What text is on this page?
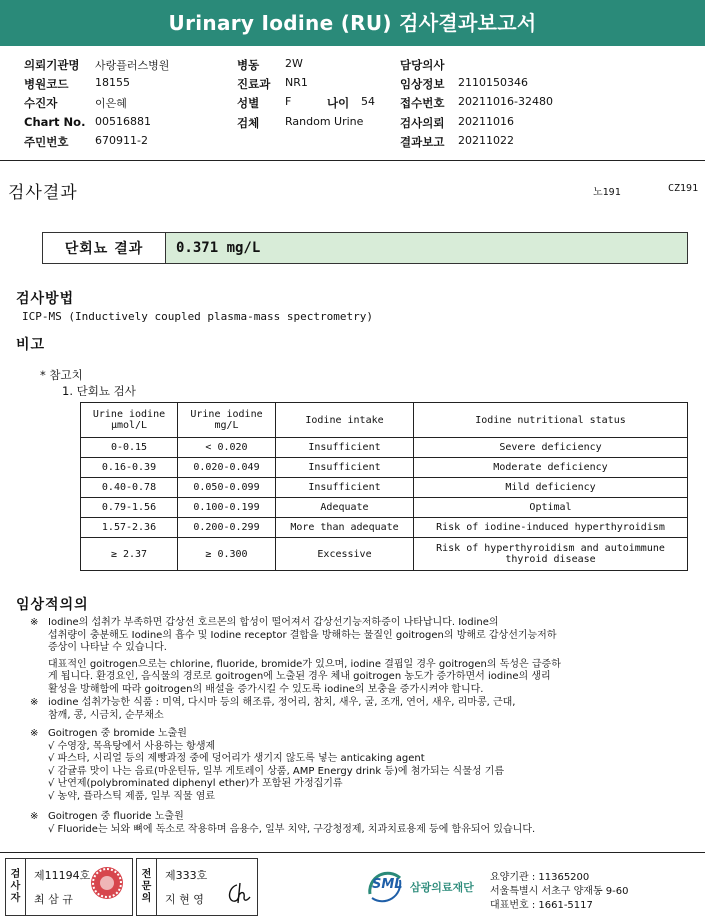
Urinary Iodine (RU) 검사결과보고서
의뢰기관명 사랑플러스병원
병원코드 18155
수진자	이은혜
Chart No. 00516881
주민번호 670911-2
병동 2W
진료과 NR1
성별 F	나이 54
검체 Random Urine
담당의사
임상정보 2110150346
접수번호 20211016-32480
검사의뢰 20211016
결과보고 20211022
검사결과	노191	CZ191
단회뇨 결과	0.371 mg/L
검사방법
ICP-MS (Inductively coupled plasma-mass spectrometry)
비고
* 참고치
1. 단회뇨 검사
Urine iodine μmol/L	Urine iodine mg/L	Iodine intake	Iodine nutritional status
0-0.15	< 0.020	Insufficient	Severe deficiency
0.16-0.39	0.020-0.049	Insufficient	Moderate deficiency
0.40-0.78	0.050-0.099	Insufficient	Mild deficiency
0.79-1.56	0.100-0.199	Adequate	Optimal
1.57-2.36	0.200-0.299	More than adequate	Risk of iodine-induced hyperthyroidism
≥ 2.37	≥ 0.300	Excessive	Risk of hyperthyroidism and autoimmune thyroid disease
임상적의의
※ Iodine의 섭취가 부족하면 갑상선 호르몬의 합성이 떨어져서 갑상선기능저하증이 나타납니다. Iodine의
섭취량이 충분해도 Iodine의 흡수 및 Iodine receptor 결합을 방해하는 물질인 goitrogen의 방해로 갑상선기능저하
증상이 나타날 수 있습니다.
대표적인 goitrogen으로는 chlorine, fluoride, bromide가 있으며, iodine 결핍일 경우 goitrogen의 독성은 급증하
게 됩니다. 환경요인, 음식물의 경로로 goitrogen에 노출된 경우 체내 goitrogen 농도가 증가하면서 iodine의 생리
활성을 방해함에 따라 goitrogen의 배설을 증가시킬 수 있도록 iodine의 보충을 증가시켜야 합니다.
※ iodine 섭취가능한 식품 : 미역, 다시마 등의 해조류, 정어리, 참치, 새우, 굴, 조개, 연어, 새우, 리마콩, 근대,
참깨, 콩, 시금치, 순무채소
※ Goitrogen 중 bromide 노출원
√ 수영장, 목욕탕에서 사용하는 항생제
√ 파스타, 시리얼 등의 제빵과정 중에 덩어리가 생기지 않도록 넣는 anticaking agent
√ 감귤류 맛이 나는 음료(마운틴듀, 일부 게토레이 상품, AMP Energy drink 등)에 첨가되는 식물성 기름
√ 난연제(polybrominated diphenyl ether)가 포함된 가정집기류
√ 농약, 플라스틱 제품, 일부 직물 염료
※ Goitrogen 중 fluoride 노출원
√ Fluoride는 뇌와 뼈에 독소로 작용하며 음용수, 일부 치약, 구강청정제, 치과치료용제 등에 함유되어 있습니다.
검
사
자
제11194호
최 삼 규
전
문
의
제333호
지 현 영
SML 삼광의료재단
요양기관 : 11365200
서울특별시 서초구 양재동 9-60
대표번호 : 1661-5117
